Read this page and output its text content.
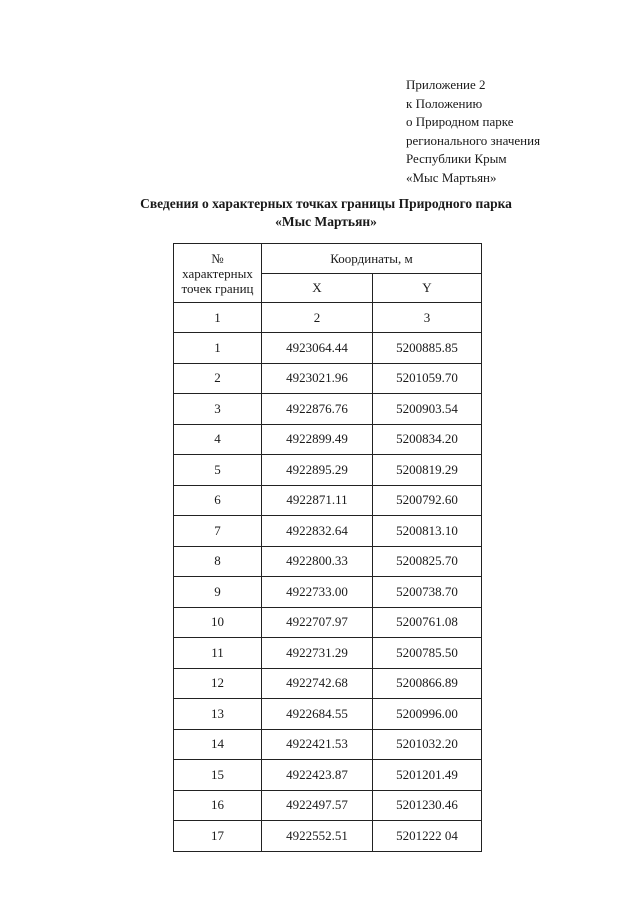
Приложение 2
к Положению
о Природном парке
регионального значения
Республики Крым
«Мыс Мартьян»
Сведения о характерных точках границы Природного парка
«Мыс Мартьян»
№
характерных
точек границ	Координаты, м	
	X	Y
1	2	3
1	4923064.44	5200885.85
2	4923021.96	5201059.70
3	4922876.76	5200903.54
4	4922899.49	5200834.20
5	4922895.29	5200819.29
6	4922871.11	5200792.60
7	4922832.64	5200813.10
8	4922800.33	5200825.70
9	4922733.00	5200738.70
10	4922707.97	5200761.08
11	4922731.29	5200785.50
12	4922742.68	5200866.89
13	4922684.55	5200996.00
14	4922421.53	5201032.20
15	4922423.87	5201201.49
16	4922497.57	5201230.46
17	4922552.51	5201222 04
